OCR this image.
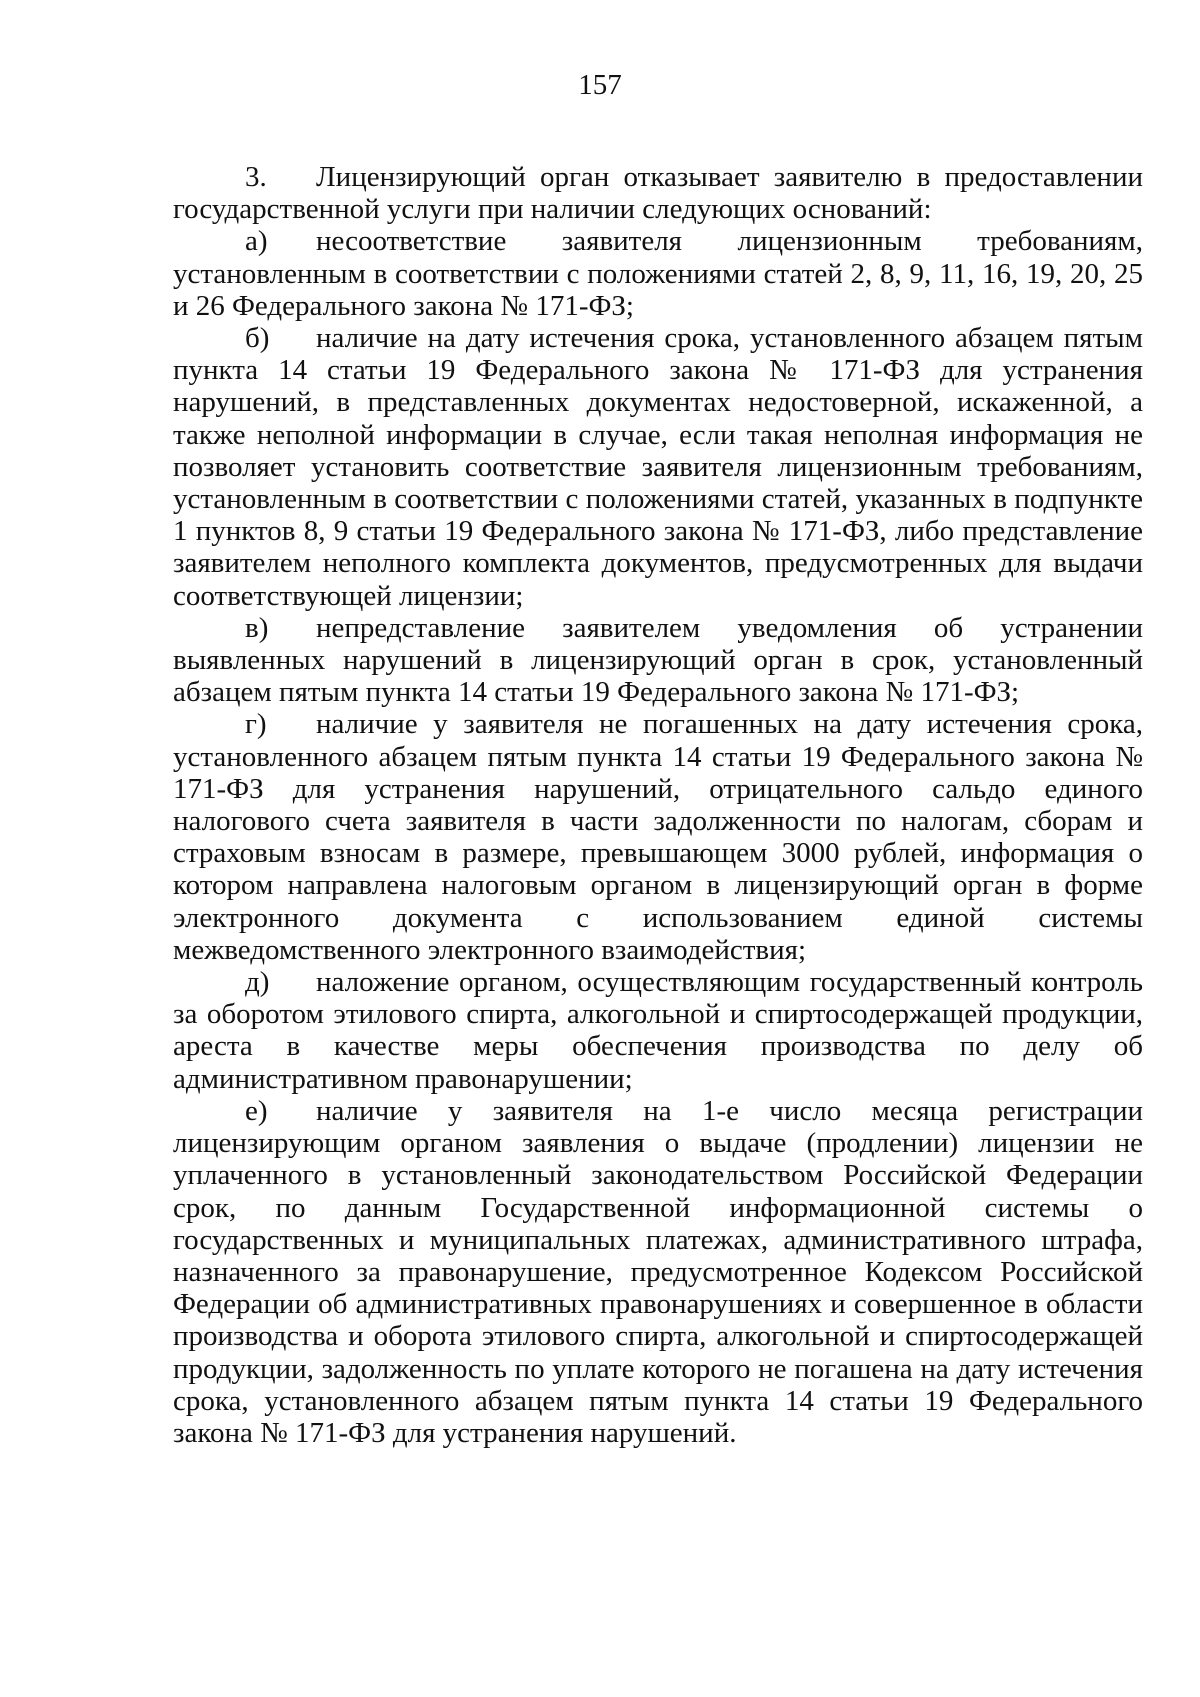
157

3. Лицензирующий орган отказывает заявителю в предоставлении государственной услуги при наличии следующих оснований:

а) несоответствие заявителя лицензионным требованиям, установленным в соответствии с положениями статей 2, 8, 9, 11, 16, 19, 20, 25 и 26 Федерального закона № 171-ФЗ;

б) наличие на дату истечения срока, установленного абзацем пятым пункта 14 статьи 19 Федерального закона № 171-ФЗ для устранения нарушений, в представленных документах недостоверной, искаженной, а также неполной информации в случае, если такая неполная информация не позволяет установить соответствие заявителя лицензионным требованиям, установленным в соответствии с положениями статей, указанных в подпункте 1 пунктов 8, 9 статьи 19 Федерального закона № 171-ФЗ, либо представление заявителем неполного комплекта документов, предусмотренных для выдачи соответствующей лицензии;

в) непредставление заявителем уведомления об устранении выявленных нарушений в лицензирующий орган в срок, установленный абзацем пятым пункта 14 статьи 19 Федерального закона № 171-ФЗ;

г) наличие у заявителя не погашенных на дату истечения срока, установленного абзацем пятым пункта 14 статьи 19 Федерального закона № 171-ФЗ для устранения нарушений, отрицательного сальдо единого налогового счета заявителя в части задолженности по налогам, сборам и страховым взносам в размере, превышающем 3000 рублей, информация о котором направлена налоговым органом в лицензирующий орган в форме электронного документа с использованием единой системы межведомственного электронного взаимодействия;

д) наложение органом, осуществляющим государственный контроль за оборотом этилового спирта, алкогольной и спиртосодержащей продукции, ареста в качестве меры обеспечения производства по делу об административном правонарушении;

е) наличие у заявителя на 1-е число месяца регистрации лицензирующим органом заявления о выдаче (продлении) лицензии не уплаченного в установленный законодательством Российской Федерации срок, по данным Государственной информационной системы о государственных и муниципальных платежах, административного штрафа, назначенного за правонарушение, предусмотренное Кодексом Российской Федерации об административных правонарушениях и совершенное в области производства и оборота этилового спирта, алкогольной и спиртосодержащей продукции, задолженность по уплате которого не погашена на дату истечения срока, установленного абзацем пятым пункта 14 статьи 19 Федерального закона № 171-ФЗ для устранения нарушений.
